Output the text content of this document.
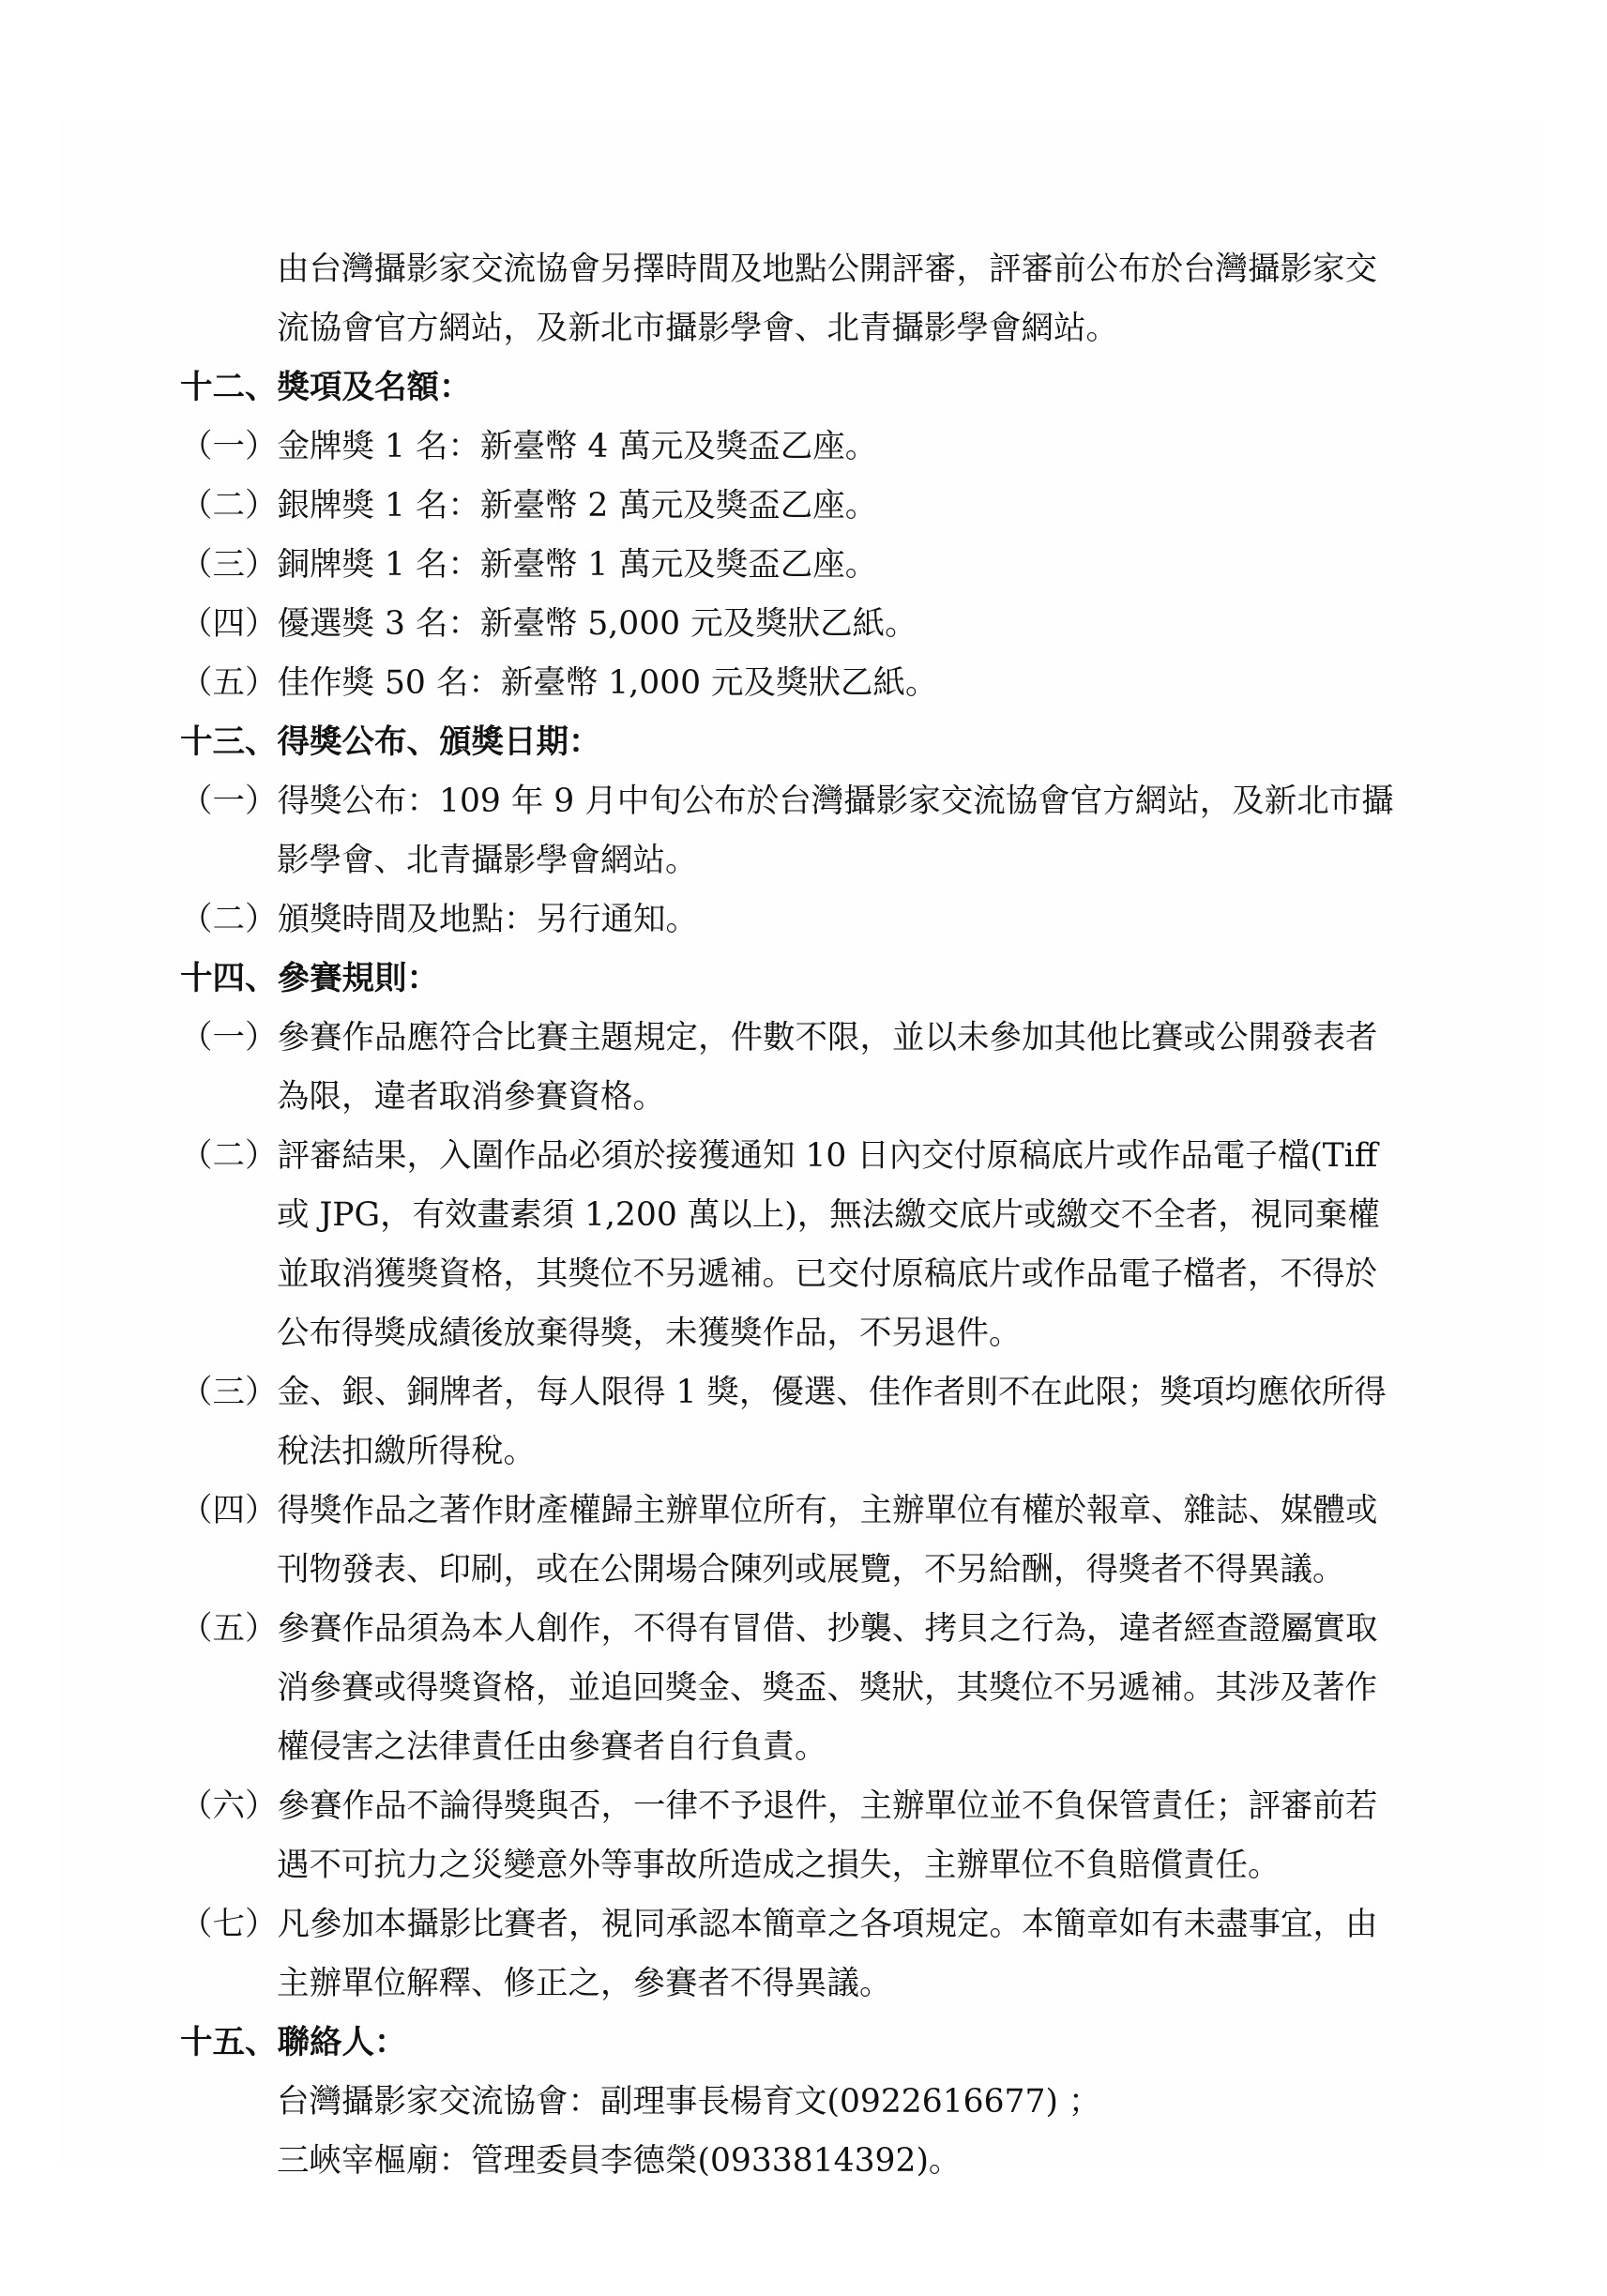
由台灣攝影家交流協會另擇時間及地點公開評審，評審前公布於台灣攝影家交
流協會官方網站，及新北市攝影學會、北青攝影學會網站。
十二、獎項及名額：
（一）金牌獎 1 名：新臺幣 4 萬元及獎盃乙座。
（二）銀牌獎 1 名：新臺幣 2 萬元及獎盃乙座。
（三）銅牌獎 1 名：新臺幣 1 萬元及獎盃乙座。
（四）優選獎 3 名：新臺幣 5,000 元及獎狀乙紙。
（五）佳作獎 50 名：新臺幣 1,000 元及獎狀乙紙。
十三、得獎公布、頒獎日期：
（一）得獎公布：109 年 9 月中旬公布於台灣攝影家交流協會官方網站，及新北市攝
影學會、北青攝影學會網站。
（二）頒獎時間及地點：另行通知。
十四、參賽規則：
（一）參賽作品應符合比賽主題規定，件數不限，並以未參加其他比賽或公開發表者
為限，違者取消參賽資格。
（二）評審結果，入圍作品必須於接獲通知 10 日內交付原稿底片或作品電子檔(Tiff
或 JPG，有效畫素須 1,200 萬以上)，無法繳交底片或繳交不全者，視同棄權
並取消獲獎資格，其獎位不另遞補。已交付原稿底片或作品電子檔者，不得於
公布得獎成績後放棄得獎，未獲獎作品，不另退件。
（三）金、銀、銅牌者，每人限得 1 獎，優選、佳作者則不在此限；獎項均應依所得
稅法扣繳所得稅。
（四）得獎作品之著作財產權歸主辦單位所有，主辦單位有權於報章、雜誌、媒體或
刊物發表、印刷，或在公開場合陳列或展覽，不另給酬，得獎者不得異議。
（五）參賽作品須為本人創作，不得有冒借、抄襲、拷貝之行為，違者經查證屬實取
消參賽或得獎資格，並追回獎金、獎盃、獎狀，其獎位不另遞補。其涉及著作
權侵害之法律責任由參賽者自行負責。
（六）參賽作品不論得獎與否，一律不予退件，主辦單位並不負保管責任；評審前若
遇不可抗力之災變意外等事故所造成之損失，主辦單位不負賠償責任。
（七）凡參加本攝影比賽者，視同承認本簡章之各項規定。本簡章如有未盡事宜，由
主辦單位解釋、修正之，參賽者不得異議。
十五、聯絡人：
台灣攝影家交流協會：副理事長楊育文(0922616677) ；
三峽宰樞廟：管理委員李德榮(0933814392)。
